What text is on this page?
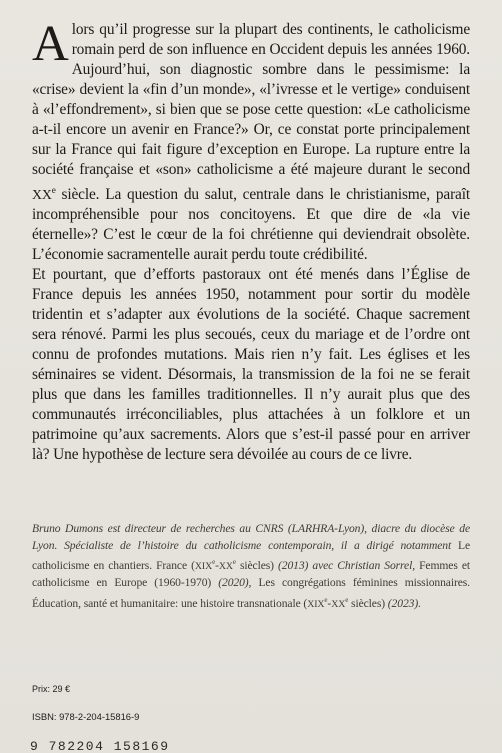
Alors qu’il progresse sur la plupart des continents, le catholicisme romain perd de son influence en Occident depuis les années 1960. Aujourd’hui, son diagnostic sombre dans le pessimisme: la «crise» devient la «fin d’un monde», «l’ivresse et le vertige» conduisent à «l’effondrement», si bien que se pose cette question: «Le catholicisme a-t-il encore un avenir en France?» Or, ce constat porte principalement sur la France qui fait figure d’exception en Europe. La rupture entre la société française et «son» catholicisme a été majeure durant le second XXe siècle. La question du salut, centrale dans le christianisme, paraît incompréhensible pour nos concitoyens. Et que dire de «la vie éternelle»? C’est le cœur de la foi chrétienne qui deviendrait obsolète. L’économie sacramentelle aurait perdu toute crédibilité.

Et pourtant, que d’efforts pastoraux ont été menés dans l’Église de France depuis les années 1950, notamment pour sortir du modèle tridentin et s’adapter aux évolutions de la société. Chaque sacrement sera rénové. Parmi les plus secoués, ceux du mariage et de l’ordre ont connu de profondes mutations. Mais rien n’y fait. Les églises et les séminaires se vident. Désormais, la transmission de la foi ne se ferait plus que dans les familles traditionnelles. Il n’y aurait plus que des communautés irréconciliables, plus attachées à un folklore et un patrimoine qu’aux sacrements. Alors que s’est-il passé pour en arriver là? Une hypothèse de lecture sera dévoilée au cours de ce livre.

Bruno Dumons est directeur de recherches au CNRS (LARHRA-Lyon), diacre du diocèse de Lyon. Spécialiste de l’histoire du catholicisme contemporain, il a dirigé notamment Le catholicisme en chantiers. France (XIXe-XXe siècles) (2013) avec Christian Sorrel, Femmes et catholicisme en Europe (1960-1970) (2020), Les congrégations féminines missionnaires. Éducation, santé et humanitaire: une histoire transnationale (XIXe-XXe siècles) (2023).
Prix: 29 €
ISBN: 978-2-204-15816-9
9 782204 158169
